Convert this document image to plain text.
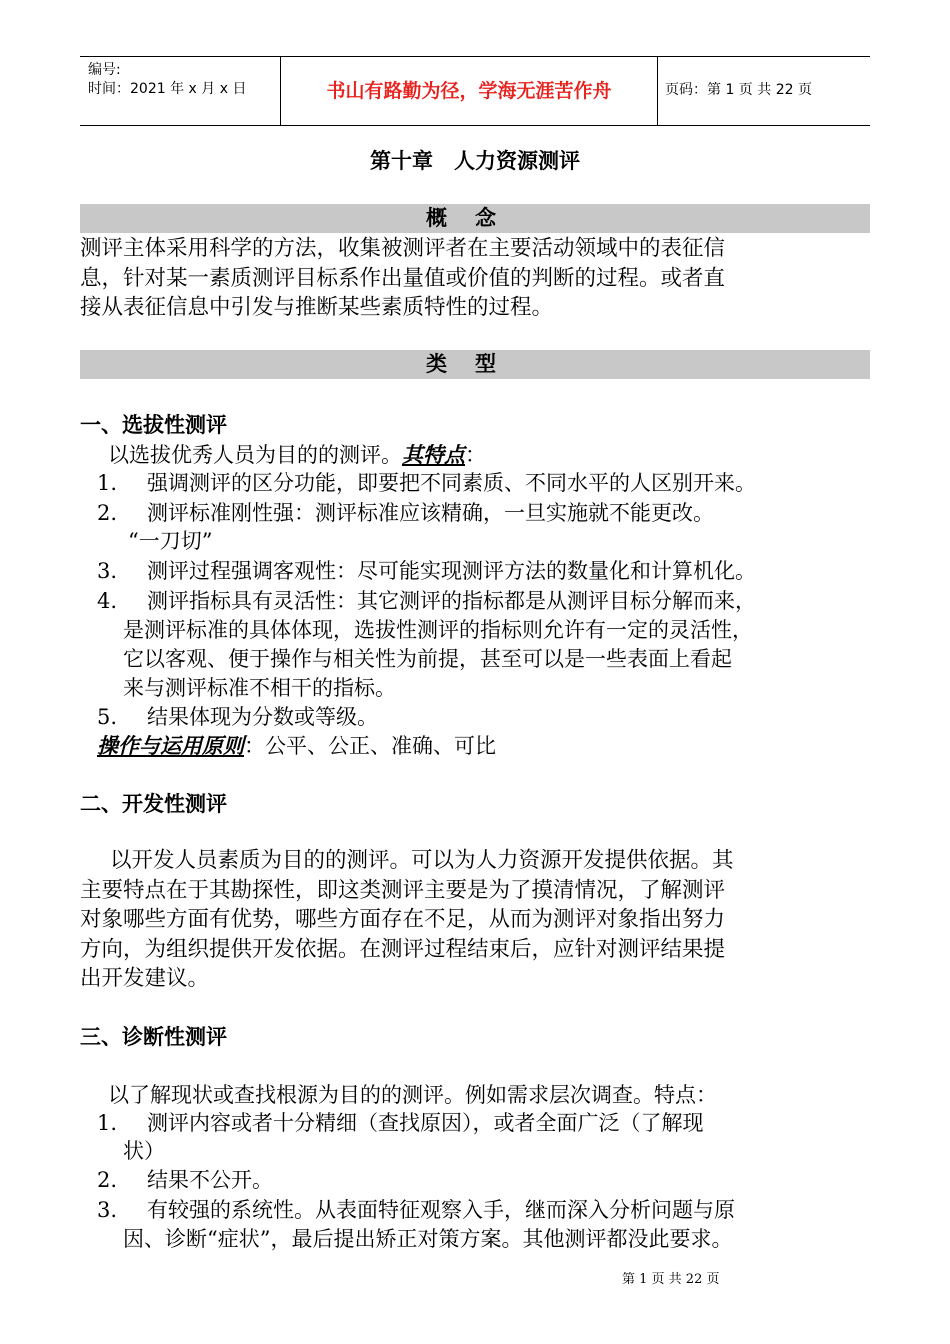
编号:
时间：2021 年 x 月 x 日	书山有路勤为径，学海无涯苦作舟	页码：第 1 页 共 22 页
第十章　人力资源测评
概念
测评主体采用科学的方法，收集被测评者在主要活动领域中的表征信
息，针对某一素质测评目标系作出量值或价值的判断的过程。或者直
接从表征信息中引发与推断某些素质特性的过程。
类型
一、选拔性测评
以选拔优秀人员为目的的测评。其特点：
1. 强调测评的区分功能，即要把不同素质、不同水平的人区别开来。
2. 测评标准刚性强：测评标准应该精确，一旦实施就不能更改。
“一刀切”
3. 测评过程强调客观性：尽可能实现测评方法的数量化和计算机化。
4. 测评指标具有灵活性：其它测评的指标都是从测评目标分解而来，
是测评标准的具体体现，选拔性测评的指标则允许有一定的灵活性，
它以客观、便于操作与相关性为前提，甚至可以是一些表面上看起
来与测评标准不相干的指标。
5. 结果体现为分数或等级。
操作与运用原则：公平、公正、准确、可比
二、开发性测评
以开发人员素质为目的的测评。可以为人力资源开发提供依据。其
主要特点在于其勘探性，即这类测评主要是为了摸清情况，了解测评
对象哪些方面有优势，哪些方面存在不足，从而为测评对象指出努力
方向，为组织提供开发依据。在测评过程结束后，应针对测评结果提
出开发建议。
三、诊断性测评
以了解现状或查找根源为目的的测评。例如需求层次调查。特点：
1. 测评内容或者十分精细（查找原因），或者全面广泛（了解现
状）
2. 结果不公开。
3. 有较强的系统性。从表面特征观察入手，继而深入分析问题与原
因、诊断“症状”，最后提出矫正对策方案。其他测评都没此要求。
第 1 页 共 22 页
